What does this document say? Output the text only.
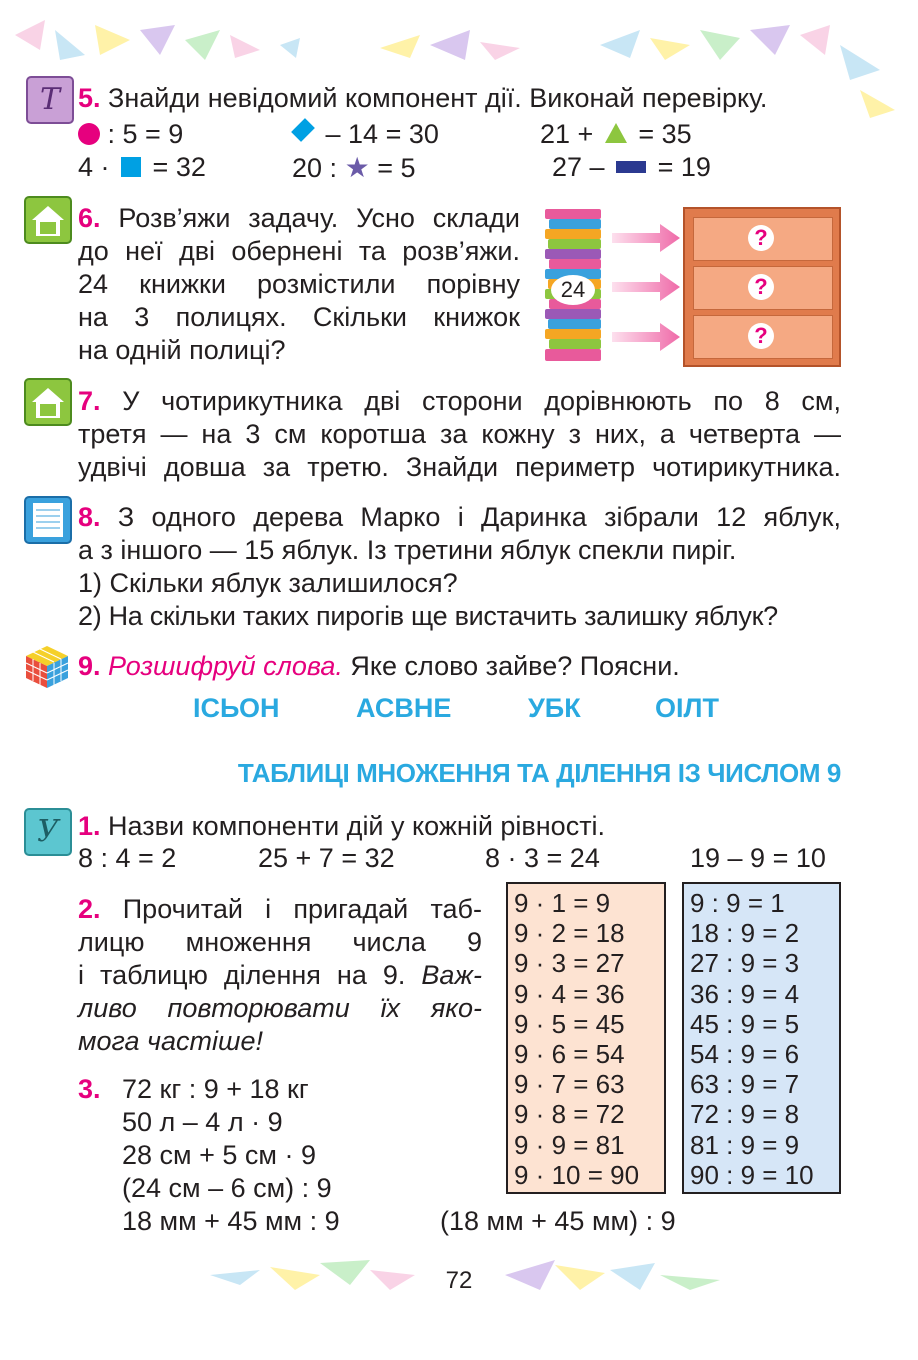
Т 5. Знайди невідомий компонент дії. Виконай перевірку.
: 5 = 9	– 14 = 30	21 + = 35
4 · = 32	20 : ★ = 5	27 – = 19
6. Розв’яжи задачу. Усно склади
до неї дві обернені та розв’яжи.
24 книжки розмістили порівну
на 3 полицях. Скільки книжок
на одній полиці?
24
?
?
?
7. У чотирикутника дві сторони дорівнюють по 8 см,
третя — на 3 см коротша за кожну з них, а четверта —
удвічі довша за третю. Знайди периметр чотирикутника.
8. З одного дерева Марко і Даринка зібрали 12 яблук,
а з іншого — 15 яблук. Із третини яблук спекли пиріг.
1) Скільки яблук залишилося?
2) На скільки таких пирогів ще вистачить залишку яблук?
9. Розшифруй слова. Яке слово зайве? Поясни.
ІСЬОН	АСВНЕ	УБК	ОІЛТ
ТАБЛИЦІ МНОЖЕННЯ ТА ДІЛЕННЯ ІЗ ЧИСЛОМ 9
У 1. Назви компоненти дій у кожній рівності.
8 : 4 = 2	25 + 7 = 32	8 · 3 = 24	19 – 9 = 10
2. Прочитай і пригадай таб-
лицю множення числа 9
і таблицю ділення на 9. Важ-
ливо повторювати їх яко-
мога частіше!
9 · 1 = 9
9 · 2 = 18
9 · 3 = 27
9 · 4 = 36
9 · 5 = 45
9 · 6 = 54
9 · 7 = 63
9 · 8 = 72
9 · 9 = 81
9 · 10 = 90
9 : 9 = 1
18 : 9 = 2
27 : 9 = 3
36 : 9 = 4
45 : 9 = 5
54 : 9 = 6
63 : 9 = 7
72 : 9 = 8
81 : 9 = 9
90 : 9 = 10
3. 72 кг : 9 + 18 кг
50 л – 4 л · 9
28 см + 5 см · 9
(24 см – 6 см) : 9
18 мм + 45 мм : 9	(18 мм + 45 мм) : 9
72
